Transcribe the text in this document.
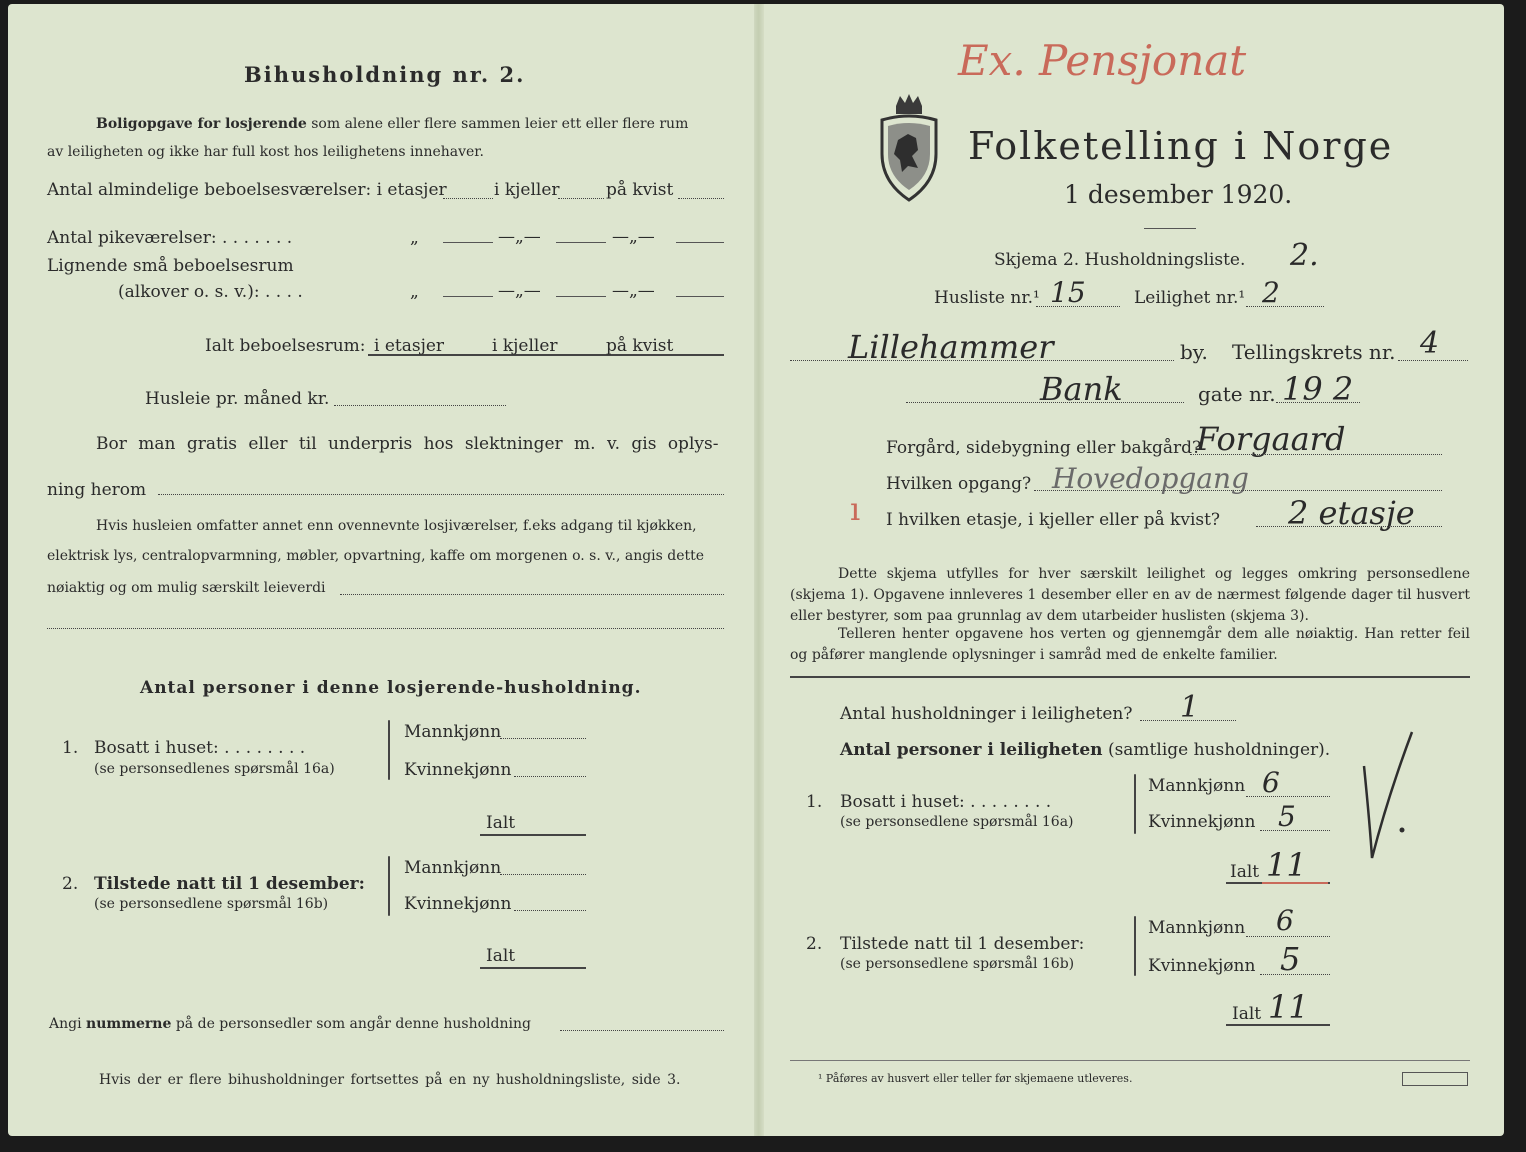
Bihusholdning nr. 2.
Boligopgave for losjerende som alene eller flere sammen leier ett eller flere rum
av leiligheten og ikke har full kost hos leilighetens innehaver.
Antal almindelige beboelsesværelser: i etasjer	i kjeller	på kvist
Antal pikeværelser: . . . . . . .	„	—„—	—„—
Lignende små beboelsesrum
(alkover o. s. v.): . . . .	„	—„—	—„—
Ialt beboelsesrum: i etasjer	i kjeller	på kvist
Husleie pr. måned kr.
Bor man gratis eller til underpris hos slektninger m. v. gis oplys-
ning herom
Hvis husleien omfatter annet enn ovennevnte losjiværelser, f.eks adgang til kjøkken,
elektrisk lys, centralopvarmning, møbler, opvartning, kaffe om morgenen o. s. v., angis dette
nøiaktig og om mulig særskilt leieverdi
Antal personer i denne losjerende-husholdning.
1. Bosatt i huset: . . . . . . . .
(se personsedlenes spørsmål 16a)
Mannkjønn
Kvinnekjønn
Ialt
2. Tilstede natt til 1 desember:
(se personsedlene spørsmål 16b)
Mannkjønn
Kvinnekjønn
Ialt
Angi nummerne på de personsedler som angår denne husholdning
Hvis der er flere bihusholdninger fortsettes på en ny husholdningsliste, side 3.
Ex. Pensjonat
Folketelling i Norge
1 desember 1920.
Skjema 2. Husholdningsliste. 2.
Husliste nr.¹ 15	Leilighet nr.¹ 2
Lillehammer	by. Tellingskrets nr. 4
Bank	gate nr. 19 2
Forgård, sidebygning eller bakgård?
Forgaard
Hvilken opgang? Hovedopgang
ı I hvilken etasje, i kjeller eller på kvist? 2 etasje
Dette skjema utfylles for hver særskilt leilighet og legges omkring personsedlene (skjema 1). Opgavene innleveres 1 desember eller en av de nærmest følgende dager til husvert eller bestyrer, som paa grunnlag av dem utarbeider huslisten (skjema 3).
Telleren henter opgavene hos verten og gjennemgår dem alle nøiaktig. Han retter feil og påfører manglende oplysninger i samråd med de enkelte familier.
Antal husholdninger i leiligheten? 1
Antal personer i leiligheten (samtlige husholdninger).
1. Bosatt i huset: . . . . . . . .
(se personsedlene spørsmål 16a)
Mannkjønn 6
Kvinnekjønn 5
Ialt 11
2. Tilstede natt til 1 desember:
(se personsedlene spørsmål 16b)
Mannkjønn 6
Kvinnekjønn 5
Ialt 11
¹ Påføres av husvert eller teller før skjemaene utleveres.
